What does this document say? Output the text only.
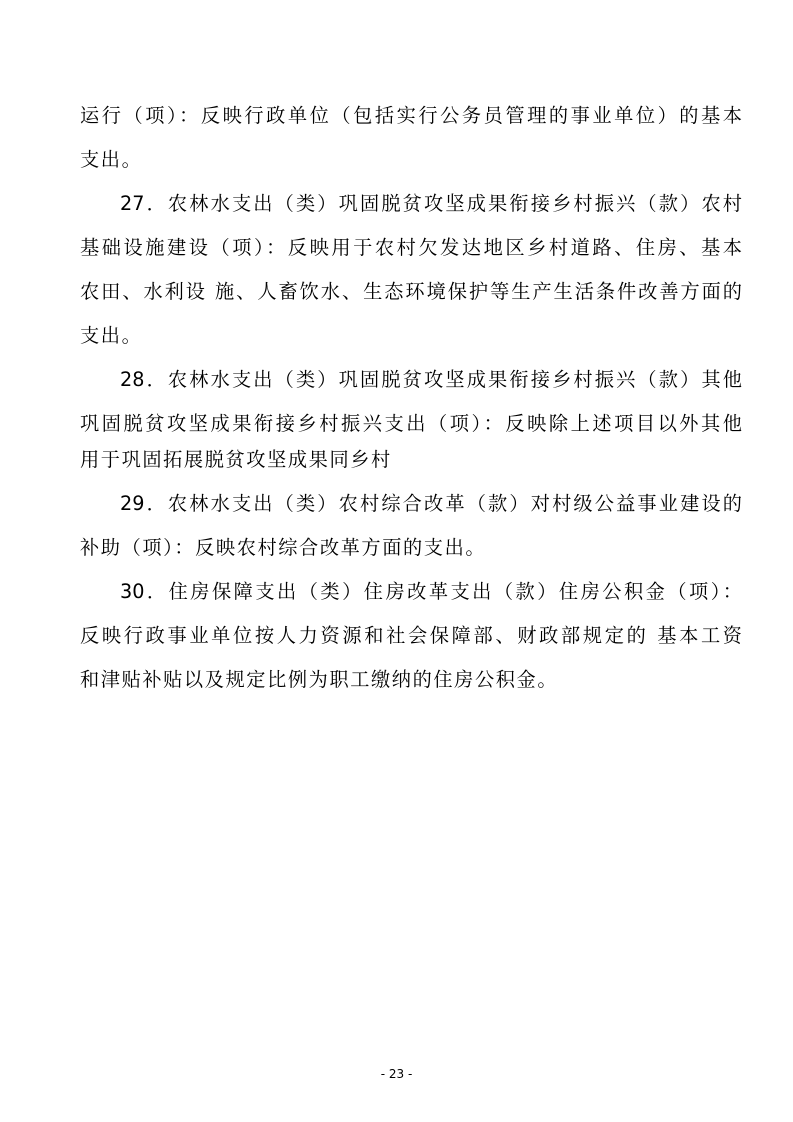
运行（项）：反映行政单位（包括实行公务员管理的事业单位）的基本
支出。
27．农林水支出（类）巩固脱贫攻坚成果衔接乡村振兴（款）农村
基础设施建设（项）：反映用于农村欠发达地区乡村道路、住房、基本
农田、水利设 施、人畜饮水、生态环境保护等生产生活条件改善方面的
支出。
28．农林水支出（类）巩固脱贫攻坚成果衔接乡村振兴（款）其他
巩固脱贫攻坚成果衔接乡村振兴支出（项）：反映除上述项目以外其他
用于巩固拓展脱贫攻坚成果同乡村
29．农林水支出（类）农村综合改革（款）对村级公益事业建设的
补助（项）：反映农村综合改革方面的支出。
30．住房保障支出（类）住房改革支出（款）住房公积金（项）：
反映行政事业单位按人力资源和社会保障部、财政部规定的 基本工资
和津贴补贴以及规定比例为职工缴纳的住房公积金。
- 23 -
